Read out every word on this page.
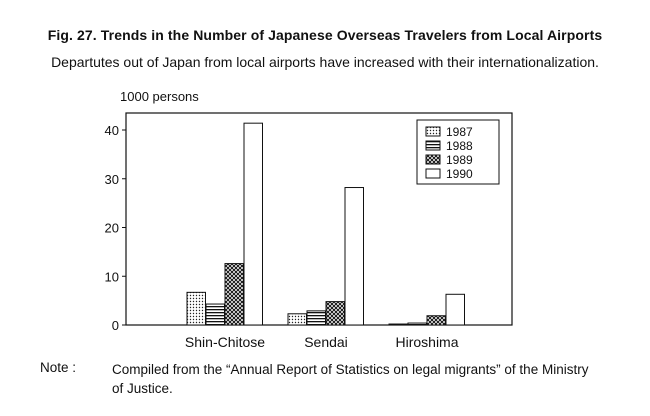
Fig. 27. Trends in the Number of Japanese Overseas Travelers from Local Airports
Departutes out of Japan from local airports have increased with their internationalization.
1000 persons
0
10
20
30
40
Shin-Chitose	Sendai	Hiroshima
1987
1988
1989
1990
Note :	Compiled from the “Annual Report of Statistics on legal migrants” of the Ministry of Justice.
